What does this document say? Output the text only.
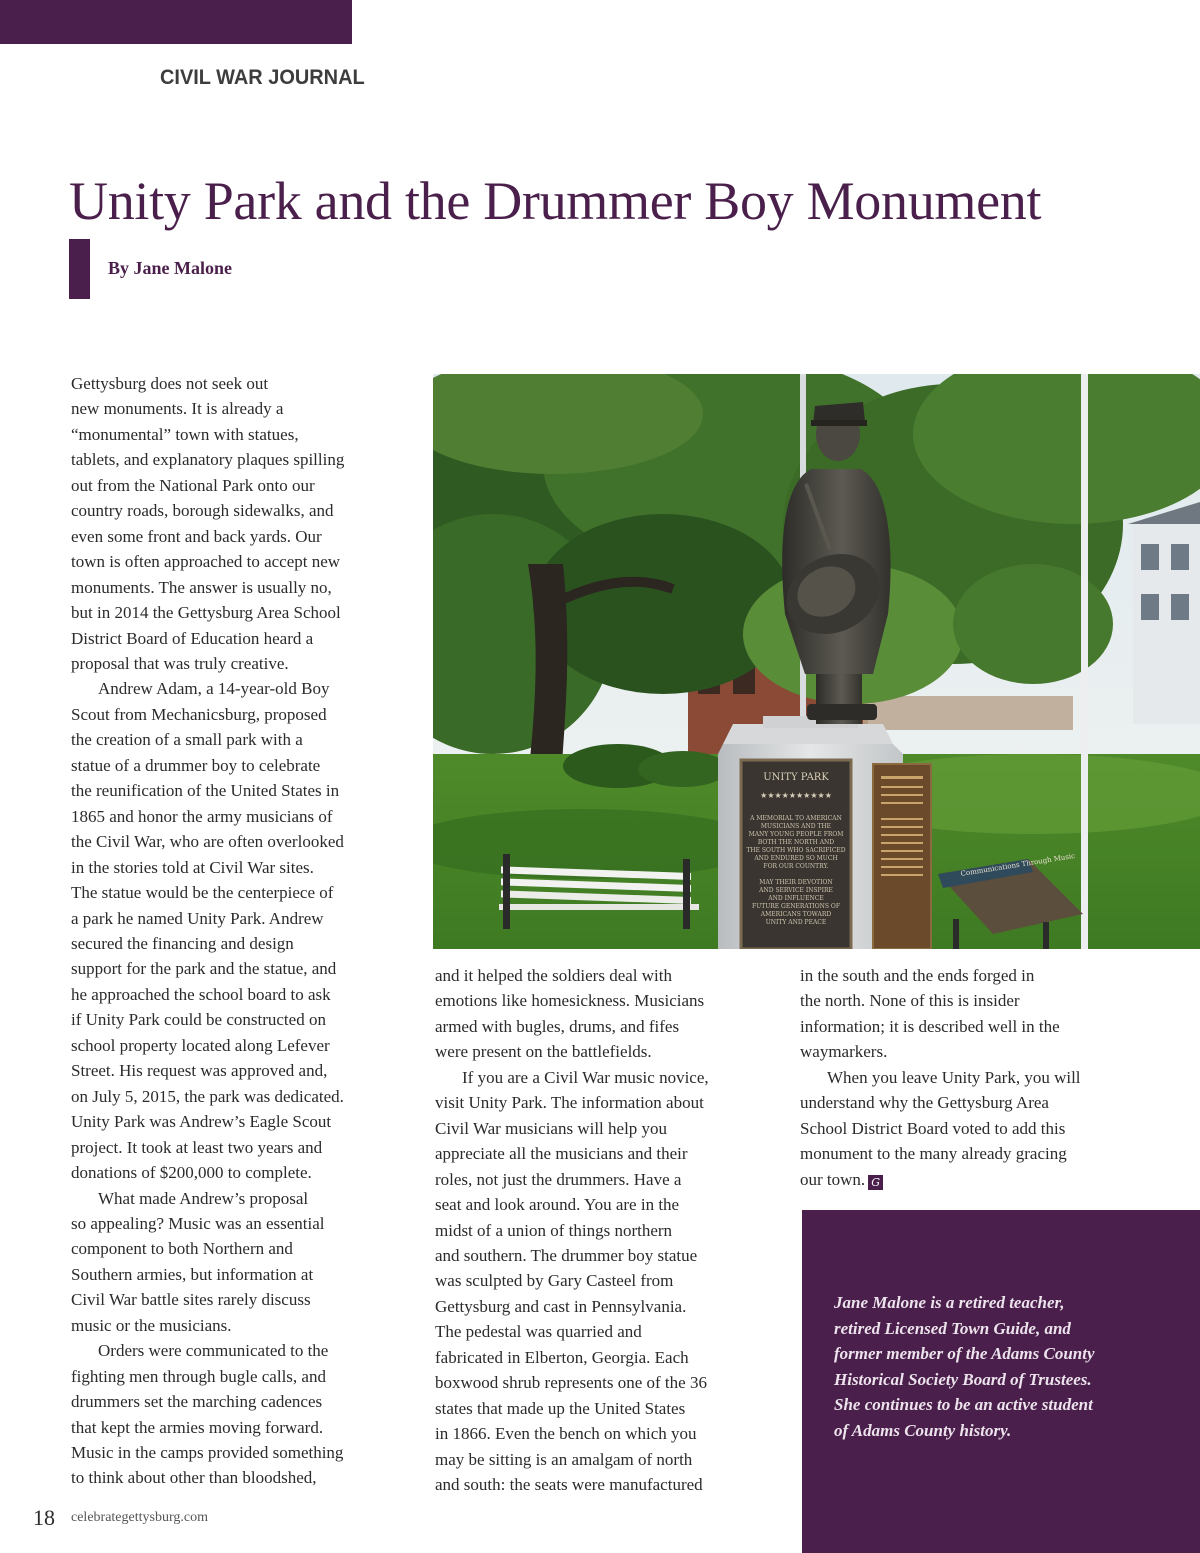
CIVIL WAR JOURNAL
Unity Park and the Drummer Boy Monument

By Jane Malone

Gettysburg does not seek out

new monuments. It is already a

“monumental” town with statues,

tablets, and explanatory plaques spilling

out from the National Park onto our

country roads, borough sidewalks, and

even some front and back yards. Our

town is often approached to accept new

monuments. The answer is usually no,

but in 2014 the Gettysburg Area School

District Board of Education heard a

proposal that was truly creative.

Andrew Adam, a 14-year-old Boy

Scout from Mechanicsburg, proposed

the creation of a small park with a

statue of a drummer boy to celebrate

the reunification of the United States in

1865 and honor the army musicians of

the Civil War, who are often overlooked

in the stories told at Civil War sites.

The statue would be the centerpiece of

a park he named Unity Park. Andrew

secured the financing and design

support for the park and the statue, and

he approached the school board to ask

if Unity Park could be constructed on

school property located along Lefever

Street. His request was approved and,

on July 5, 2015, the park was dedicated.

Unity Park was Andrew’s Eagle Scout

project. It took at least two years and

donations of $200,000 to complete.

What made Andrew’s proposal

so appealing? Music was an essential

component to both Northern and

Southern armies, but information at

Civil War battle sites rarely discuss

music or the musicians.

Orders were communicated to the

fighting men through bugle calls, and

drummers set the marching cadences

that kept the armies moving forward.

Music in the camps provided something

to think about other than bloodshed,

Communications Through Music
UNITY PARK
★★★★★★★★★★
A MEMORIAL TO AMERICAN
MUSICIANS AND THE
MANY YOUNG PEOPLE FROM
BOTH THE NORTH AND
THE SOUTH WHO SACRIFICED
AND ENDURED SO MUCH
FOR OUR COUNTRY.
MAY THEIR DEVOTION
AND SERVICE INSPIRE
AND INFLUENCE
FUTURE GENERATIONS OF
AMERICANS TOWARD
UNITY AND PEACE

and it helped the soldiers deal with

emotions like homesickness. Musicians

armed with bugles, drums, and fifes

were present on the battlefields.

If you are a Civil War music novice,

visit Unity Park. The information about

Civil War musicians will help you

appreciate all the musicians and their

roles, not just the drummers. Have a

seat and look around. You are in the

midst of a union of things northern

and southern. The drummer boy statue

was sculpted by Gary Casteel from

Gettysburg and cast in Pennsylvania.

The pedestal was quarried and

fabricated in Elberton, Georgia. Each

boxwood shrub represents one of the 36

states that made up the United States

in 1866. Even the bench on which you

may be sitting is an amalgam of north

and south: the seats were manufactured

in the south and the ends forged in

the north. None of this is insider

information; it is described well in the

waymarkers.

When you leave Unity Park, you will

understand why the Gettysburg Area

School District Board voted to add this

monument to the many already gracing

our town. G

Jane Malone is a retired teacher,
retired Licensed Town Guide, and
former member of the Adams County
Historical Society Board of Trustees.
She continues to be an active student
of Adams County history.

18 celebrategettysburg.com
